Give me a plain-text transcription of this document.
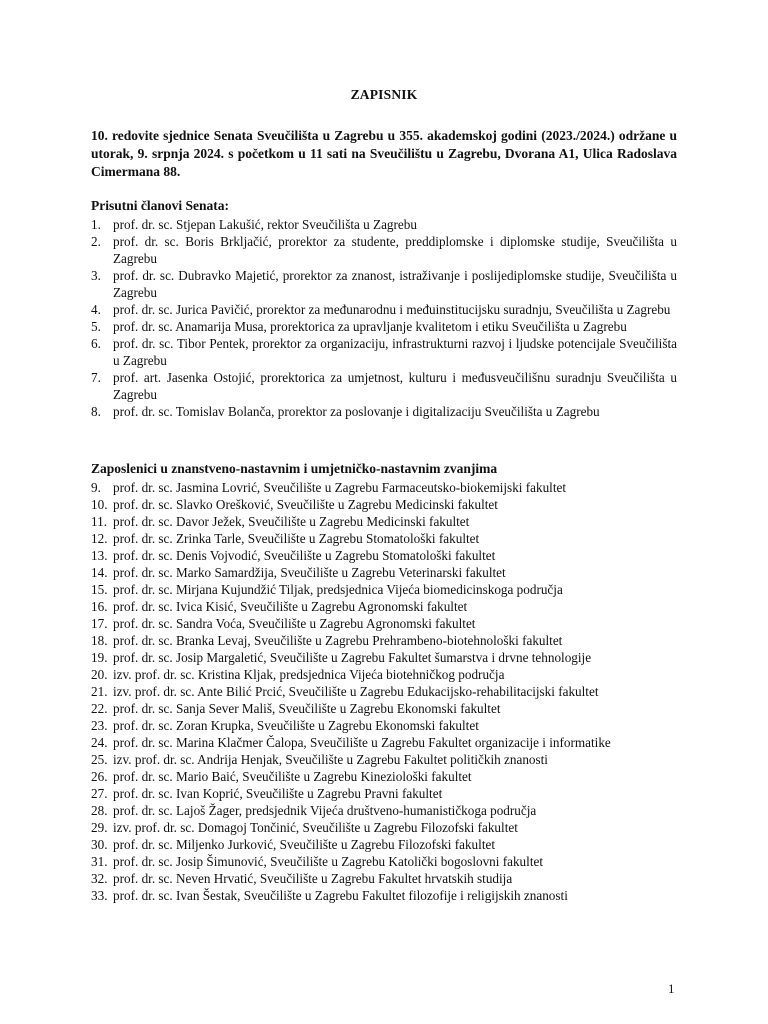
ZAPISNIK
10. redovite sjednice Senata Sveučilišta u Zagrebu u 355. akademskoj godini (2023./2024.) održane u utorak, 9. srpnja 2024. s početkom u 11 sati na Sveučilištu u Zagrebu, Dvorana A1, Ulica Radoslava Cimermana 88.
Prisutni članovi Senata:
1. prof. dr. sc. Stjepan Lakušić, rektor Sveučilišta u Zagrebu
2. prof. dr. sc. Boris Brkljačić, prorektor za studente, preddiplomske i diplomske studije, Sveučilišta u Zagrebu
3. prof. dr. sc. Dubravko Majetić, prorektor za znanost, istraživanje i poslijediplomske studije, Sveučilišta u Zagrebu
4. prof. dr. sc. Jurica Pavičić, prorektor za međunarodnu i međuinstitucijsku suradnju, Sveučilišta u Zagrebu
5. prof. dr. sc. Anamarija Musa, prorektorica za upravljanje kvalitetom i etiku Sveučilišta u Zagrebu
6. prof. dr. sc. Tibor Pentek, prorektor za organizaciju, infrastrukturni razvoj i ljudske potencijale Sveučilišta u Zagrebu
7. prof. art. Jasenka Ostojić, prorektorica za umjetnost, kulturu i međusveučilišnu suradnju Sveučilišta u Zagrebu
8. prof. dr. sc. Tomislav Bolanča, prorektor za poslovanje i digitalizaciju Sveučilišta u Zagrebu
Zaposlenici u znanstveno-nastavnim i umjetničko-nastavnim zvanjima
9. prof. dr. sc. Jasmina Lovrić, Sveučilište u Zagrebu Farmaceutsko-biokemijski fakultet
10. prof. dr. sc. Slavko Orešković, Sveučilište u Zagrebu Medicinski fakultet
11. prof. dr. sc. Davor Ježek, Sveučilište u Zagrebu Medicinski fakultet
12. prof. dr. sc. Zrinka Tarle, Sveučilište u Zagrebu Stomatološki fakultet
13. prof. dr. sc. Denis Vojvodić, Sveučilište u Zagrebu Stomatološki fakultet
14. prof. dr. sc. Marko Samardžija, Sveučilište u Zagrebu Veterinarski fakultet
15. prof. dr. sc. Mirjana Kujundžić Tiljak, predsjednica Vijeća biomedicinskoga područja
16. prof. dr. sc. Ivica Kisić, Sveučilište u Zagrebu Agronomski fakultet
17. prof. dr. sc. Sandra Voća, Sveučilište u Zagrebu Agronomski fakultet
18. prof. dr. sc. Branka Levaj, Sveučilište u Zagrebu Prehrambeno-biotehnološki fakultet
19. prof. dr. sc. Josip Margaletić, Sveučilište u Zagrebu Fakultet šumarstva i drvne tehnologije
20. izv. prof. dr. sc. Kristina Kljak, predsjednica Vijeća biotehničkog područja
21. izv. prof. dr. sc. Ante Bilić Prcić, Sveučilište u Zagrebu Edukacijsko-rehabilitacijski fakultet
22. prof. dr. sc. Sanja Sever Mališ, Sveučilište u Zagrebu Ekonomski fakultet
23. prof. dr. sc. Zoran Krupka, Sveučilište u Zagrebu Ekonomski fakultet
24. prof. dr. sc. Marina Klačmer Čalopa, Sveučilište u Zagrebu Fakultet organizacije i informatike
25. izv. prof. dr. sc. Andrija Henjak, Sveučilište u Zagrebu Fakultet političkih znanosti
26. prof. dr. sc. Mario Baić, Sveučilište u Zagrebu Kineziološki fakultet
27. prof. dr. sc. Ivan Koprić, Sveučilište u Zagrebu Pravni fakultet
28. prof. dr. sc. Lajoš Žager, predsjednik Vijeća društveno-humanističkoga područja
29. izv. prof. dr. sc. Domagoj Tončinić, Sveučilište u Zagrebu Filozofski fakultet
30. prof. dr. sc. Miljenko Jurković, Sveučilište u Zagrebu Filozofski fakultet
31. prof. dr. sc. Josip Šimunović, Sveučilište u Zagrebu Katolički bogoslovni fakultet
32. prof. dr. sc. Neven Hrvatić, Sveučilište u Zagrebu Fakultet hrvatskih studija
33. prof. dr. sc. Ivan Šestak, Sveučilište u Zagrebu Fakultet filozofije i religijskih znanosti
1
